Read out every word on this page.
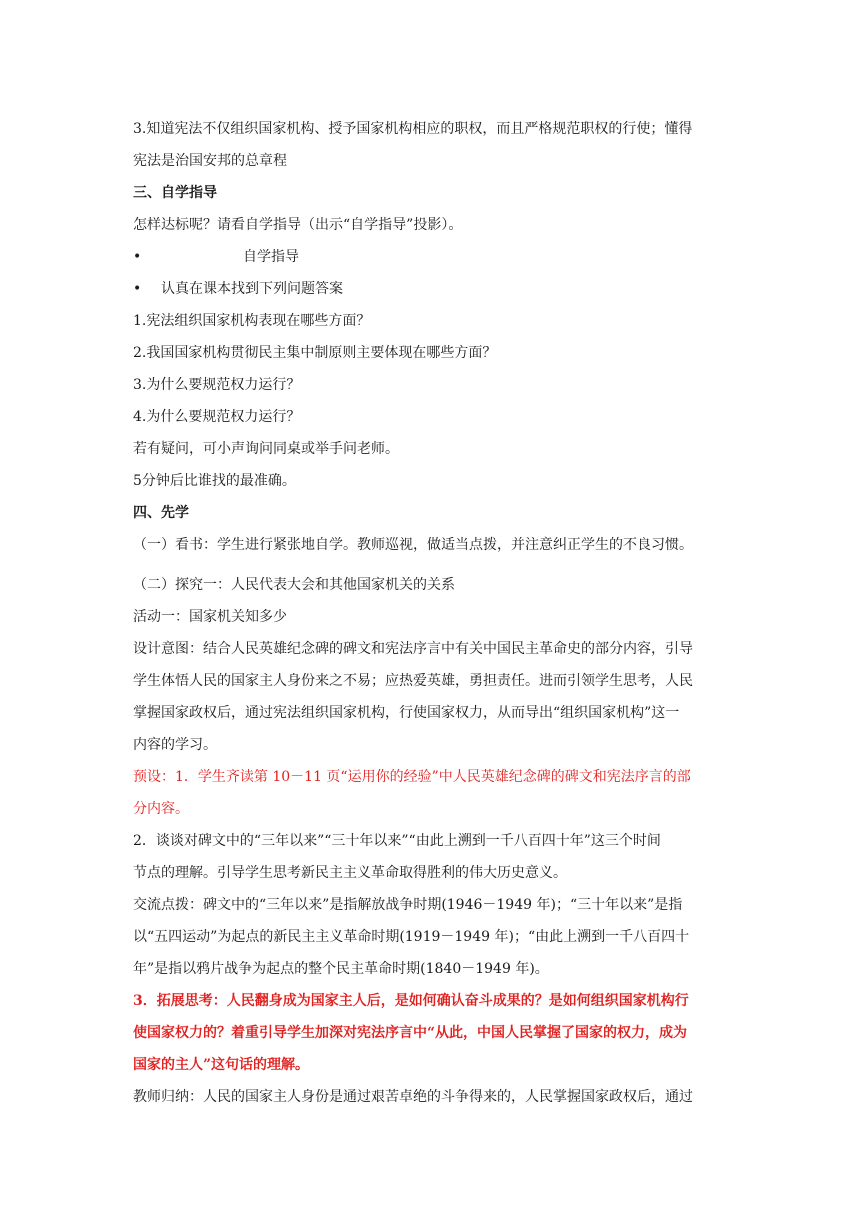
3.知道宪法不仅组织国家机构、授予国家机构相应的职权，而且严格规范职权的行使；懂得

宪法是治国安邦的总章程

三、自学指导

怎样达标呢？请看自学指导（出示“自学指导”投影）。

•	自学指导

•	认真在课本找到下列问题答案

1.宪法组织国家机构表现在哪些方面？

2.我国国家机构贯彻民主集中制原则主要体现在哪些方面？

3.为什么要规范权力运行？

4.为什么要规范权力运行？

若有疑问，可小声询问同桌或举手问老师。

5分钟后比谁找的最准确。

四、先学

（一）看书：学生进行紧张地自学。教师巡视，做适当点拨，并注意纠正学生的不良习惯。

（二）探究一：人民代表大会和其他国家机关的关系

活动一：国家机关知多少

设计意图：结合人民英雄纪念碑的碑文和宪法序言中有关中国民主革命史的部分内容，引导

学生体悟人民的国家主人身份来之不易；应热爱英雄，勇担责任。进而引领学生思考，人民

掌握国家政权后，通过宪法组织国家机构，行使国家权力，从而导出“组织国家机构”这一

内容的学习。

预设：1．学生齐读第 10－11 页“运用你的经验”中人民英雄纪念碑的碑文和宪法序言的部

分内容。

2．谈谈对碑文中的“三年以来”“三十年以来”“由此上溯到一千八百四十年”这三个时间

节点的理解。引导学生思考新民主主义革命取得胜利的伟大历史意义。

交流点拨：碑文中的“三年以来”是指解放战争时期(1946－1949 年)；“三十年以来”是指

以“五四运动”为起点的新民主主义革命时期(1919－1949 年)；“由此上溯到一千八百四十

年”是指以鸦片战争为起点的整个民主革命时期(1840－1949 年)。

3．拓展思考：人民翻身成为国家主人后，是如何确认奋斗成果的？是如何组织国家机构行

使国家权力的？着重引导学生加深对宪法序言中“从此，中国人民掌握了国家的权力，成为

国家的主人”这句话的理解。

教师归纳：人民的国家主人身份是通过艰苦卓绝的斗争得来的，人民掌握国家政权后，通过
